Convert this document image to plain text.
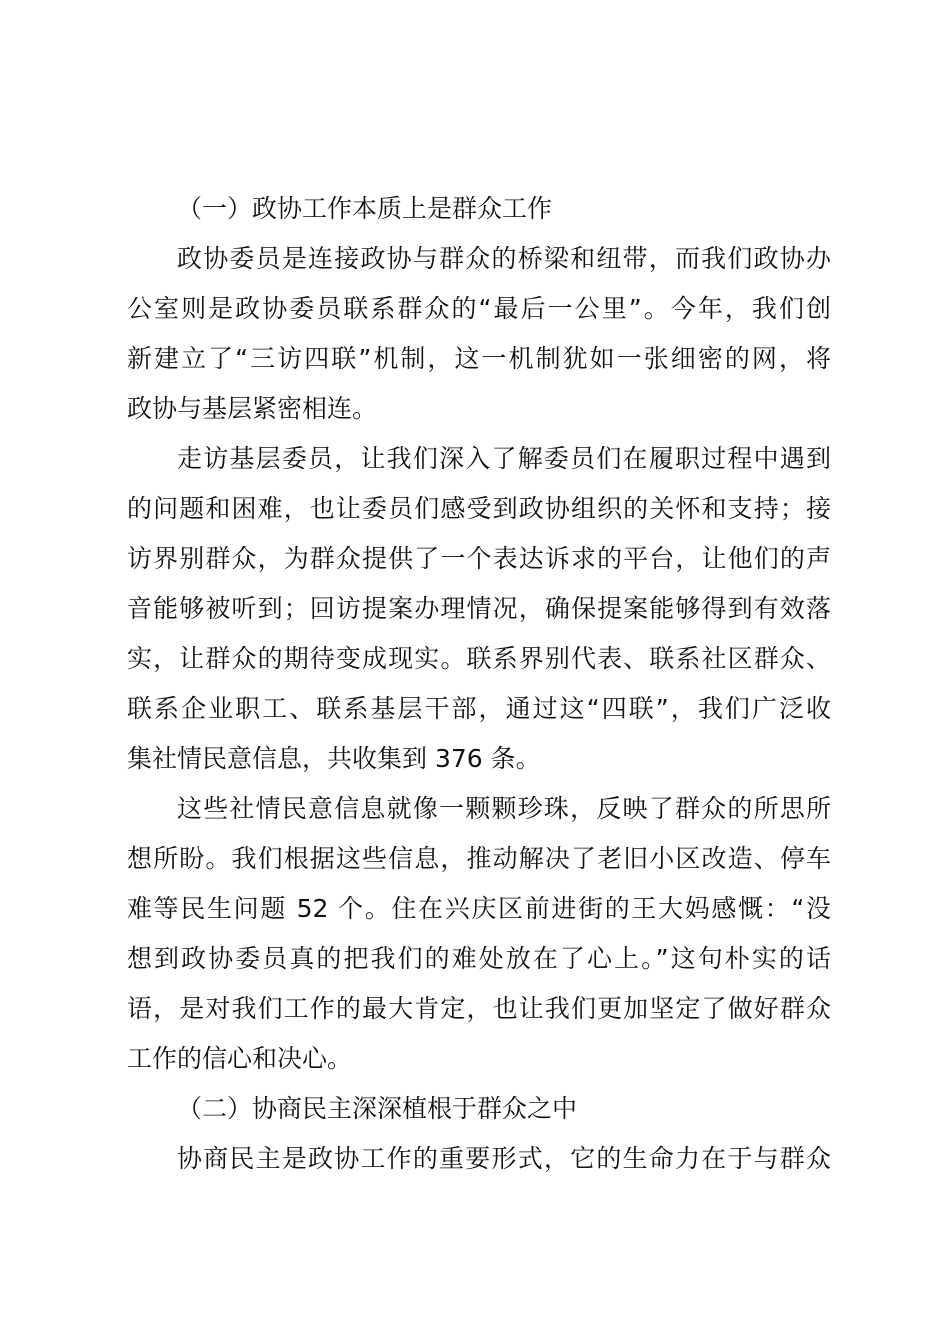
（一）政协工作本质上是群众工作
政协委员是连接政协与群众的桥梁和纽带，而我们政协办
公室则是政协委员联系群众的“最后一公里”。今年，我们创
新建立了“三访四联”机制，这一机制犹如一张细密的网，将
政协与基层紧密相连。
走访基层委员，让我们深入了解委员们在履职过程中遇到
的问题和困难，也让委员们感受到政协组织的关怀和支持；接
访界别群众，为群众提供了一个表达诉求的平台，让他们的声
音能够被听到；回访提案办理情况，确保提案能够得到有效落
实，让群众的期待变成现实。联系界别代表、联系社区群众、
联系企业职工、联系基层干部，通过这“四联”，我们广泛收
集社情民意信息，共收集到 376 条。
这些社情民意信息就像一颗颗珍珠，反映了群众的所思所
想所盼。我们根据这些信息，推动解决了老旧小区改造、停车
难等民生问题 52 个。住在兴庆区前进街的王大妈感慨：“没
想到政协委员真的把我们的难处放在了心上。”这句朴实的话
语，是对我们工作的最大肯定，也让我们更加坚定了做好群众
工作的信心和决心。
（二）协商民主深深植根于群众之中
协商民主是政协工作的重要形式，它的生命力在于与群众
